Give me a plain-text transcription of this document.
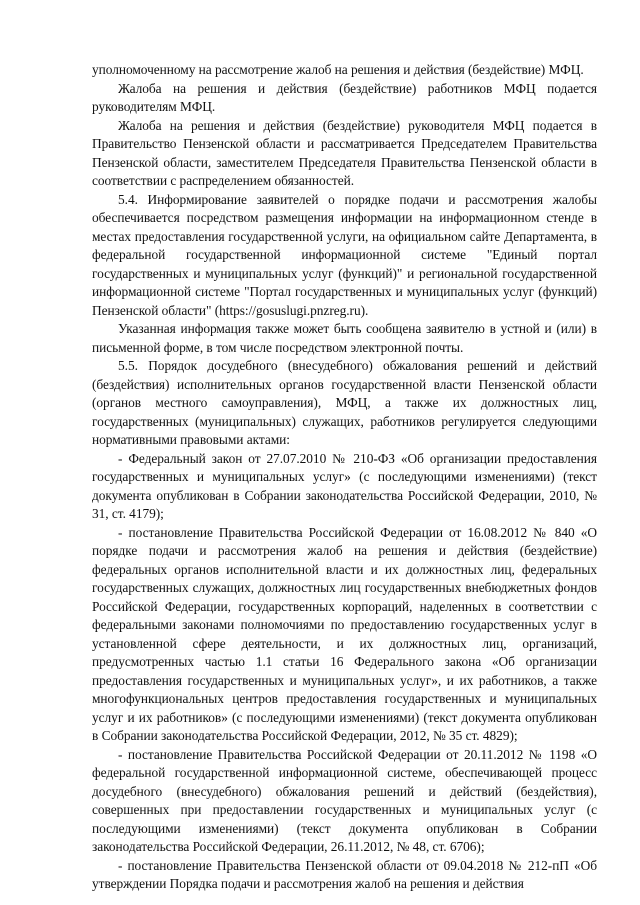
уполномоченному на рассмотрение жалоб на решения и действия (бездействие) МФЦ.

Жалоба на решения и действия (бездействие) работников МФЦ подается руководителям МФЦ.

Жалоба на решения и действия (бездействие) руководителя МФЦ подается в Правительство Пензенской области и рассматривается Председателем Правительства Пензенской области, заместителем Председателя Правительства Пензенской области в соответствии с распределением обязанностей.

5.4. Информирование заявителей о порядке подачи и рассмотрения жалобы обеспечивается посредством размещения информации на информационном стенде в местах предоставления государственной услуги, на официальном сайте Департамента, в федеральной государственной информационной системе "Единый портал государственных и муниципальных услуг (функций)" и региональной государственной информационной системе "Портал государственных и муниципальных услуг (функций) Пензенской области" (https://gosuslugi.pnzreg.ru).

Указанная информация также может быть сообщена заявителю в устной и (или) в письменной форме, в том числе посредством электронной почты.

5.5. Порядок досудебного (внесудебного) обжалования решений и действий (бездействия) исполнительных органов государственной власти Пензенской области (органов местного самоуправления), МФЦ, а также их должностных лиц, государственных (муниципальных) служащих, работников регулируется следующими нормативными правовыми актами:

- Федеральный закон от 27.07.2010 № 210-ФЗ «Об организации предоставления государственных и муниципальных услуг» (с последующими изменениями) (текст документа опубликован в Собрании законодательства Российской Федерации, 2010, № 31, ст. 4179);

- постановление Правительства Российской Федерации от 16.08.2012 № 840 «О порядке подачи и рассмотрения жалоб на решения и действия (бездействие) федеральных органов исполнительной власти и их должностных лиц, федеральных государственных служащих, должностных лиц государственных внебюджетных фондов Российской Федерации, государственных корпораций, наделенных в соответствии с федеральными законами полномочиями по предоставлению государственных услуг в установленной сфере деятельности, и их должностных лиц, организаций, предусмотренных частью 1.1 статьи 16 Федерального закона «Об организации предоставления государственных и муниципальных услуг», и их работников, а также многофункциональных центров предоставления государственных и муниципальных услуг и их работников» (с последующими изменениями) (текст документа опубликован в Собрании законодательства Российской Федерации, 2012, № 35 ст. 4829);

- постановление Правительства Российской Федерации от 20.11.2012 № 1198 «О федеральной государственной информационной системе, обеспечивающей процесс досудебного (внесудебного) обжалования решений и действий (бездействия), совершенных при предоставлении государственных и муниципальных услуг (с последующими изменениями) (текст документа опубликован в Собрании законодательства Российской Федерации, 26.11.2012, № 48, ст. 6706);

- постановление Правительства Пензенской области от 09.04.2018 № 212-пП «Об утверждении Порядка подачи и рассмотрения жалоб на решения и действия
